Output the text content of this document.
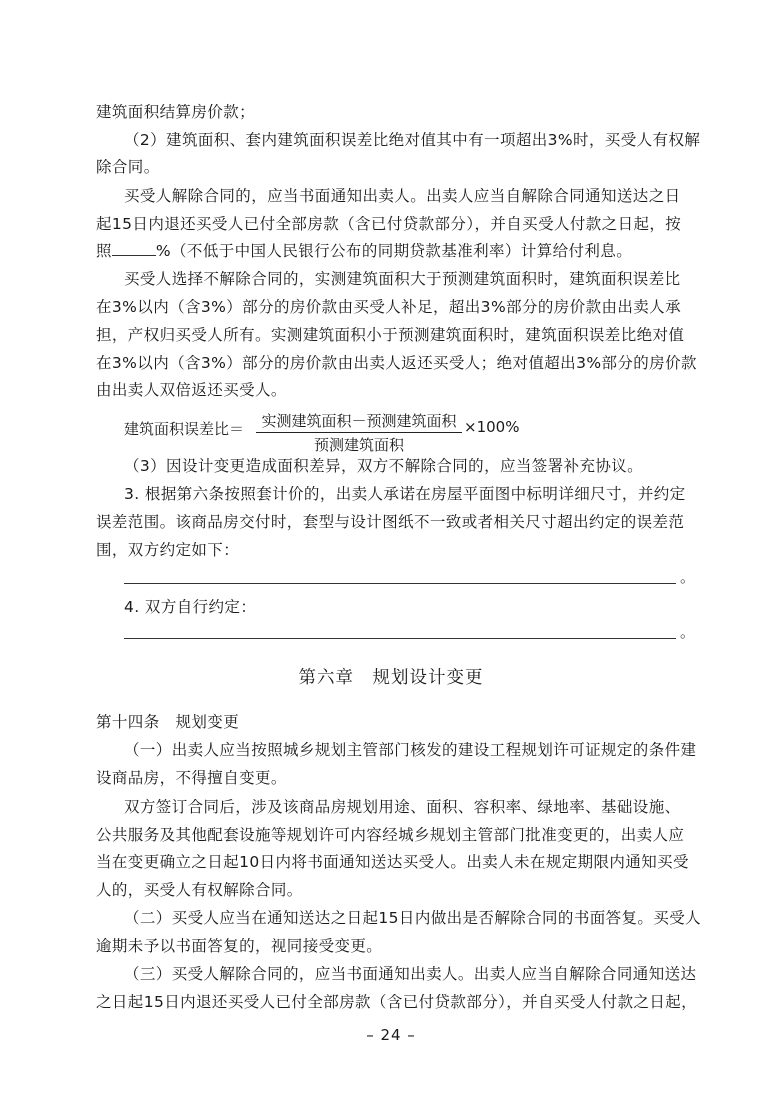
建筑面积结算房价款；
（2）建筑面积、套内建筑面积误差比绝对值其中有一项超出3%时，买受人有权解
除合同。
买受人解除合同的，应当书面通知出卖人。出卖人应当自解除合同通知送达之日
起15日内退还买受人已付全部房款（含已付贷款部分），并自买受人付款之日起，按
照	%（不低于中国人民银行公布的同期贷款基准利率）计算给付利息。
买受人选择不解除合同的，实测建筑面积大于预测建筑面积时，建筑面积误差比
在3%以内（含3%）部分的房价款由买受人补足，超出3%部分的房价款由出卖人承
担，产权归买受人所有。实测建筑面积小于预测建筑面积时，建筑面积误差比绝对值
在3%以内（含3%）部分的房价款由出卖人返还买受人；绝对值超出3%部分的房价款
由出卖人双倍返还买受人。
建筑面积误差比＝	实测建筑面积－预测建筑面积
预测建筑面积
×100%
（3）因设计变更造成面积差异，双方不解除合同的，应当签署补充协议。
3. 根据第六条按照套计价的，出卖人承诺在房屋平面图中标明详细尺寸，并约定
误差范围。该商品房交付时，套型与设计图纸不一致或者相关尺寸超出约定的误差范
围，双方约定如下：
。
4. 双方自行约定：
。
第六章　规划设计变更
第十四条　规划变更
（一）出卖人应当按照城乡规划主管部门核发的建设工程规划许可证规定的条件建
设商品房，不得擅自变更。
双方签订合同后，涉及该商品房规划用途、面积、容积率、绿地率、基础设施、
公共服务及其他配套设施等规划许可内容经城乡规划主管部门批准变更的，出卖人应
当在变更确立之日起10日内将书面通知送达买受人。出卖人未在规定期限内通知买受
人的，买受人有权解除合同。
（二）买受人应当在通知送达之日起15日内做出是否解除合同的书面答复。买受人
逾期未予以书面答复的，视同接受变更。
（三）买受人解除合同的，应当书面通知出卖人。出卖人应当自解除合同通知送达
之日起15日内退还买受人已付全部房款（含已付贷款部分），并自买受人付款之日起，
– 24 –
